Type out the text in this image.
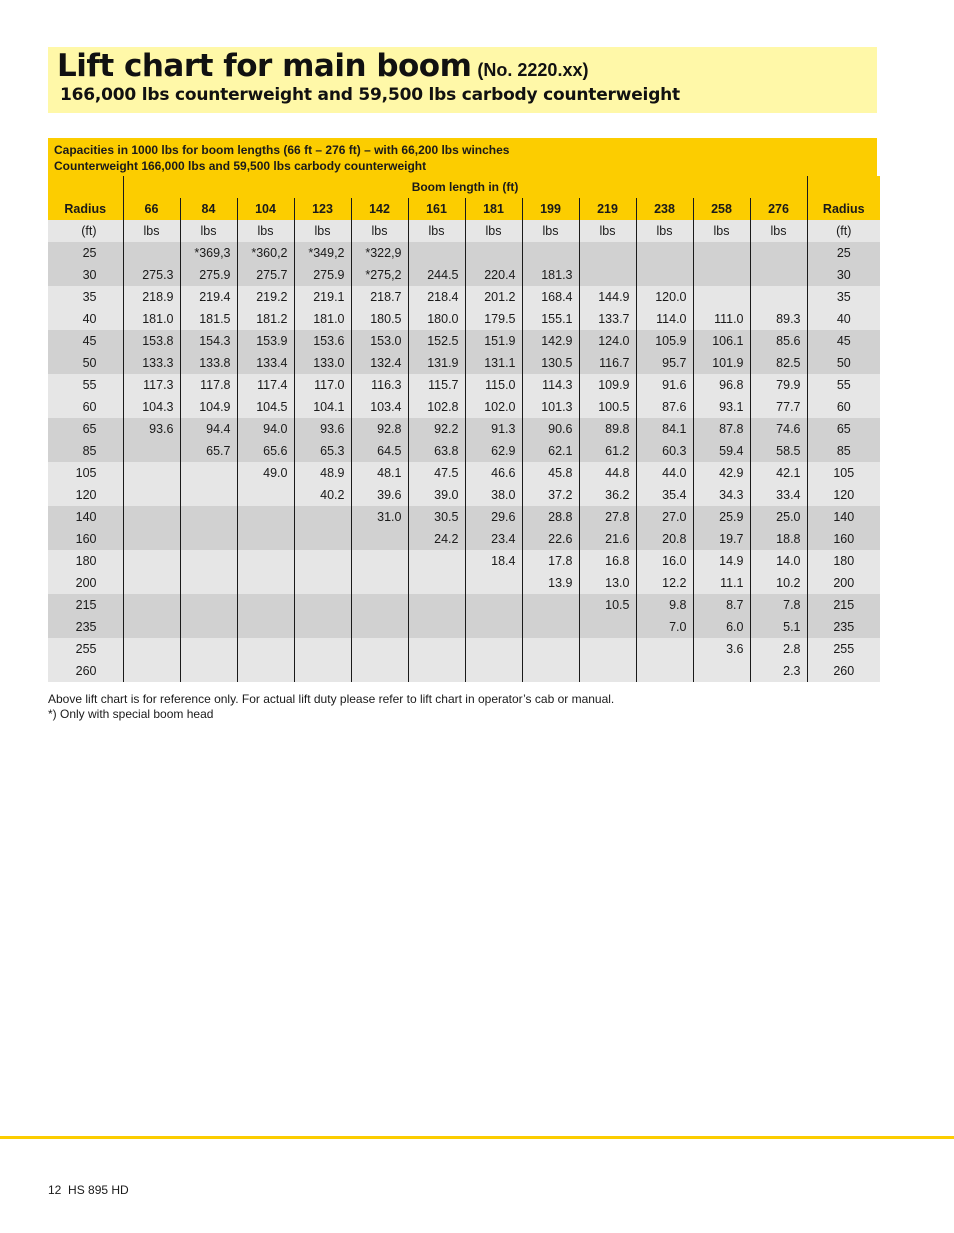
Lift chart for main boom (No. 2220.xx)
166,000 lbs counterweight and 59,500 lbs carbody counterweight
Capacities in 1000 lbs for boom lengths (66 ft – 276 ft) – with 66,200 lbs winches
Counterweight 166,000 lbs and 59,500 lbs carbody counterweight
	Boom length in (ft)												
Radius	66	84	104	123	142	161	181	199	219	238	258	276	Radius
(ft)	lbs	lbs	lbs	lbs	lbs	lbs	lbs	lbs	lbs	lbs	lbs	lbs	(ft)
25		*369,3	*360,2	*349,2	*322,9								25
30	275.3	275.9	275.7	275.9	*275,2	244.5	220.4	181.3					30
35	218.9	219.4	219.2	219.1	218.7	218.4	201.2	168.4	144.9	120.0			35
40	181.0	181.5	181.2	181.0	180.5	180.0	179.5	155.1	133.7	114.0	111.0	89.3	40
45	153.8	154.3	153.9	153.6	153.0	152.5	151.9	142.9	124.0	105.9	106.1	85.6	45
50	133.3	133.8	133.4	133.0	132.4	131.9	131.1	130.5	116.7	95.7	101.9	82.5	50
55	117.3	117.8	117.4	117.0	116.3	115.7	115.0	114.3	109.9	91.6	96.8	79.9	55
60	104.3	104.9	104.5	104.1	103.4	102.8	102.0	101.3	100.5	87.6	93.1	77.7	60
65	93.6	94.4	94.0	93.6	92.8	92.2	91.3	90.6	89.8	84.1	87.8	74.6	65
85		65.7	65.6	65.3	64.5	63.8	62.9	62.1	61.2	60.3	59.4	58.5	85
105			49.0	48.9	48.1	47.5	46.6	45.8	44.8	44.0	42.9	42.1	105
120				40.2	39.6	39.0	38.0	37.2	36.2	35.4	34.3	33.4	120
140					31.0	30.5	29.6	28.8	27.8	27.0	25.9	25.0	140
160						24.2	23.4	22.6	21.6	20.8	19.7	18.8	160
180							18.4	17.8	16.8	16.0	14.9	14.0	180
200								13.9	13.0	12.2	11.1	10.2	200
215									10.5	9.8	8.7	7.8	215
235										7.0	6.0	5.1	235
255											3.6	2.8	255
260												2.3	260
Above lift chart is for reference only. For actual lift duty please refer to lift chart in operator’s cab or manual.
*) Only with special boom head
12 HS 895 HD
